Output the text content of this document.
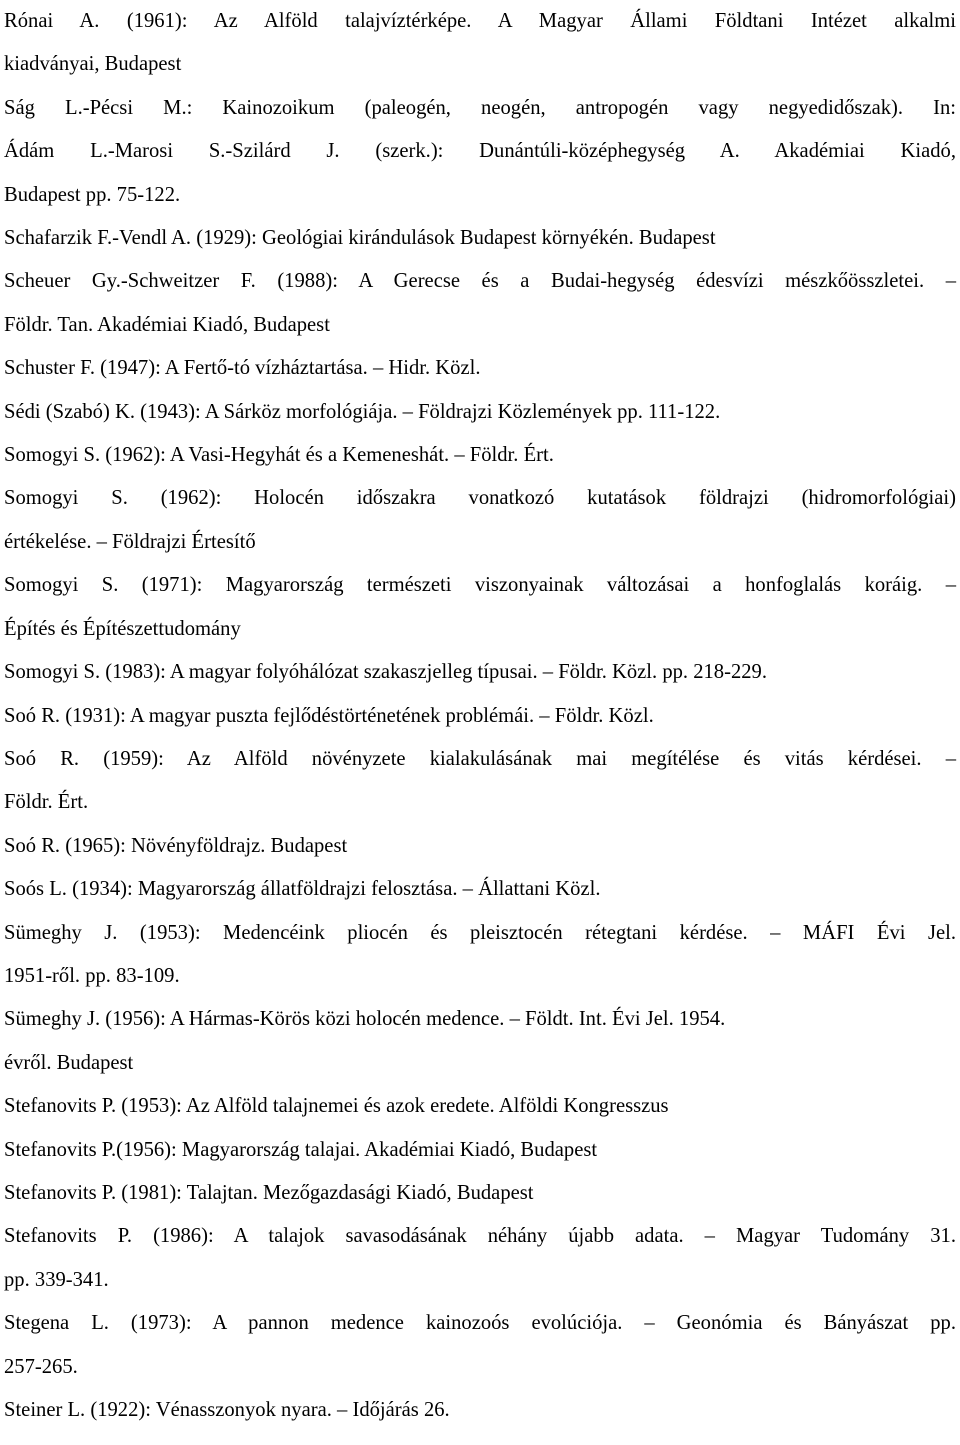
Rónai A. (1961): Az Alföld talajvíztérképe. A Magyar Állami Földtani Intézet alkalmi
kiadványai, Budapest

Ság L.-Pécsi M.: Kainozoikum (paleogén, neogén, antropogén vagy negyedidőszak). In:
Ádám L.-Marosi S.-Szilárd J. (szerk.): Dunántúli-középhegység A. Akadémiai Kiadó,
Budapest pp. 75-122.

Schafarzik F.-Vendl A. (1929): Geológiai kirándulások Budapest környékén. Budapest

Scheuer Gy.-Schweitzer F. (1988): A Gerecse és a Budai-hegység édesvízi mészkőösszletei. –
Földr. Tan. Akadémiai Kiadó, Budapest

Schuster F. (1947): A Fertő-tó vízháztartása. – Hidr. Közl.

Sédi (Szabó) K. (1943): A Sárköz morfológiája. – Földrajzi Közlemények pp. 111-122.

Somogyi S. (1962): A Vasi-Hegyhát és a Kemeneshát. – Földr. Ért.

Somogyi S. (1962): Holocén időszakra vonatkozó kutatások földrajzi (hidromorfológiai)
értékelése. – Földrajzi Értesítő

Somogyi S. (1971): Magyarország természeti viszonyainak változásai a honfoglalás koráig. –
Építés és Építészettudomány

Somogyi S. (1983): A magyar folyóhálózat szakaszjelleg típusai. – Földr. Közl. pp. 218-229.

Soó R. (1931): A magyar puszta fejlődéstörténetének problémái. – Földr. Közl.

Soó R. (1959): Az Alföld növényzete kialakulásának mai megítélése és vitás kérdései. –
Földr. Ért.

Soó R. (1965): Növényföldrajz. Budapest

Soós L. (1934): Magyarország állatföldrajzi felosztása. – Állattani Közl.

Sümeghy J. (1953): Medencéink pliocén és pleisztocén rétegtani kérdése. – MÁFI Évi Jel.
1951-ről. pp. 83-109.

Sümeghy J. (1956): A Hármas-Körös közi holocén medence. – Földt. Int. Évi Jel. 1954.
évről. Budapest

Stefanovits P. (1953): Az Alföld talajnemei és azok eredete. Alföldi Kongresszus

Stefanovits P.(1956): Magyarország talajai. Akadémiai Kiadó, Budapest

Stefanovits P. (1981): Talajtan. Mezőgazdasági Kiadó, Budapest

Stefanovits P. (1986): A talajok savasodásának néhány újabb adata. – Magyar Tudomány 31.
pp. 339-341.

Stegena L. (1973): A pannon medence kainozoós evolúciója. – Geonómia és Bányászat pp.
257-265.

Steiner L. (1922): Vénasszonyok nyara. – Időjárás 26.
